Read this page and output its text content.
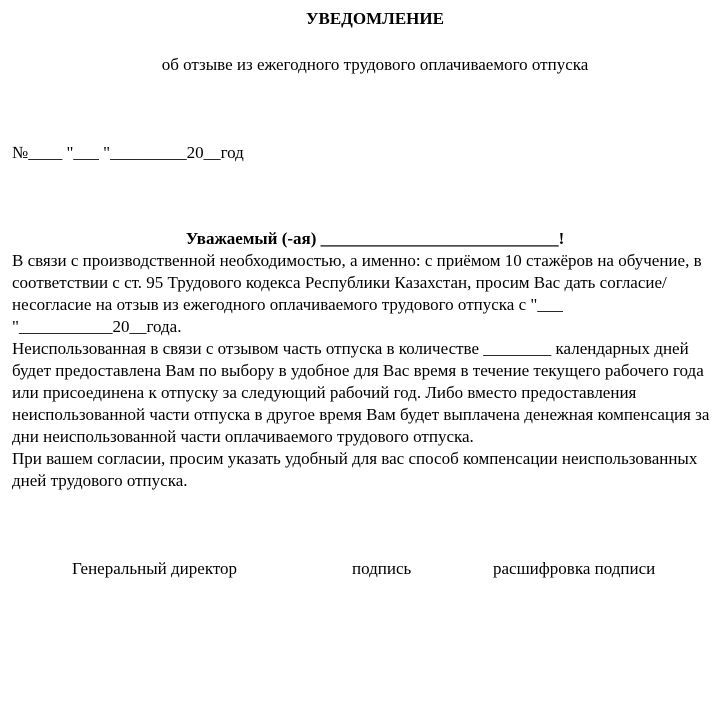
УВЕДОМЛЕНИЕ
об отзыве из ежегодного трудового оплачиваемого отпуска
№____ "___ "_________20__год
Уважаемый (-ая) ____________________________!

В связи с производственной необходимостью, а именно: с приёмом 10 стажёров на обучение, в соответствии с ст. 95 Трудового кодекса Республики Казахстан, просим Вас дать согласие/несогласие на отзыв из ежегодного оплачиваемого трудового отпуска с "___ "___________20__года.

Неиспользованная в связи с отзывом часть отпуска в количестве ________ календарных дней будет предоставлена Вам по выбору в удобное для Вас время в течение текущего рабочего года или присоединена к отпуску за следующий рабочий год. Либо вместо предоставления неиспользованной части отпуска в другое время Вам будет выплачена денежная компенсация за дни неиспользованной части оплачиваемого трудового отпуска.

При вашем согласии, просим указать удобный для вас способ компенсации неиспользованных дней трудового отпуска.

Генеральный директор	подпись	расшифровка подписи
